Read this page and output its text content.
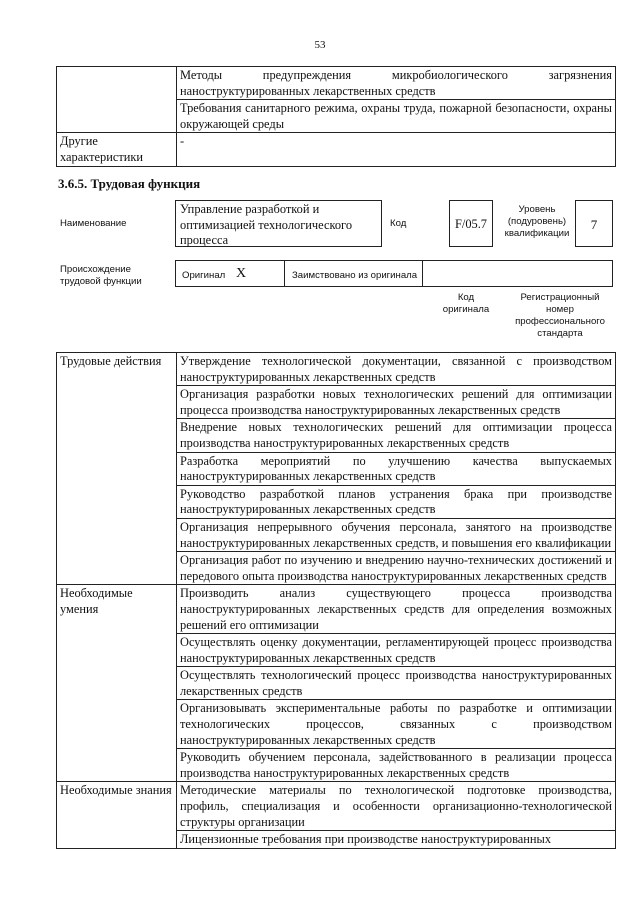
53
	Методы предупреждения микробиологического загрязнения наноструктурированных лекарственных средств
	Требования санитарного режима, охраны труда, пожарной безопасности, охраны окружающей среды
Другие характеристики	-
3.6.5. Трудовая функция
Наименование
Управление разработкой и оптимизацией технологического процесса
Код	F/05.7
Уровень (подуровень) квалификации
7
Происхождение трудовой функции
Оригинал X	Заимствовано из оригинала
Код оригинала
Регистрационный номер профессионального стандарта
Трудовые действия	Утверждение технологической документации, связанной с производством наноструктурированных лекарственных средств
	Организация разработки новых технологических решений для оптимизации процесса производства наноструктурированных лекарственных средств
	Внедрение новых технологических решений для оптимизации процесса производства наноструктурированных лекарственных средств
	Разработка мероприятий по улучшению качества выпускаемых наноструктурированных лекарственных средств
	Руководство разработкой планов устранения брака при производстве наноструктурированных лекарственных средств
	Организация непрерывного обучения персонала, занятого на производстве наноструктурированных лекарственных средств, и повышения его квалификации
	Организация работ по изучению и внедрению научно-технических достижений и передового опыта производства наноструктурированных лекарственных средств
Необходимые умения	Производить анализ существующего процесса производства наноструктурированных лекарственных средств для определения возможных решений его оптимизации
	Осуществлять оценку документации, регламентирующей процесс производства наноструктурированных лекарственных средств
	Осуществлять технологический процесс производства наноструктурированных лекарственных средств
	Организовывать экспериментальные работы по разработке и оптимизации технологических процессов, связанных с производством наноструктурированных лекарственных средств
	Руководить обучением персонала, задействованного в реализации процесса производства наноструктурированных лекарственных средств
Необходимые знания	Методические материалы по технологической подготовке производства, профиль, специализация и особенности организационно-технологической структуры организации
	Лицензионные требования при производстве наноструктурированных
